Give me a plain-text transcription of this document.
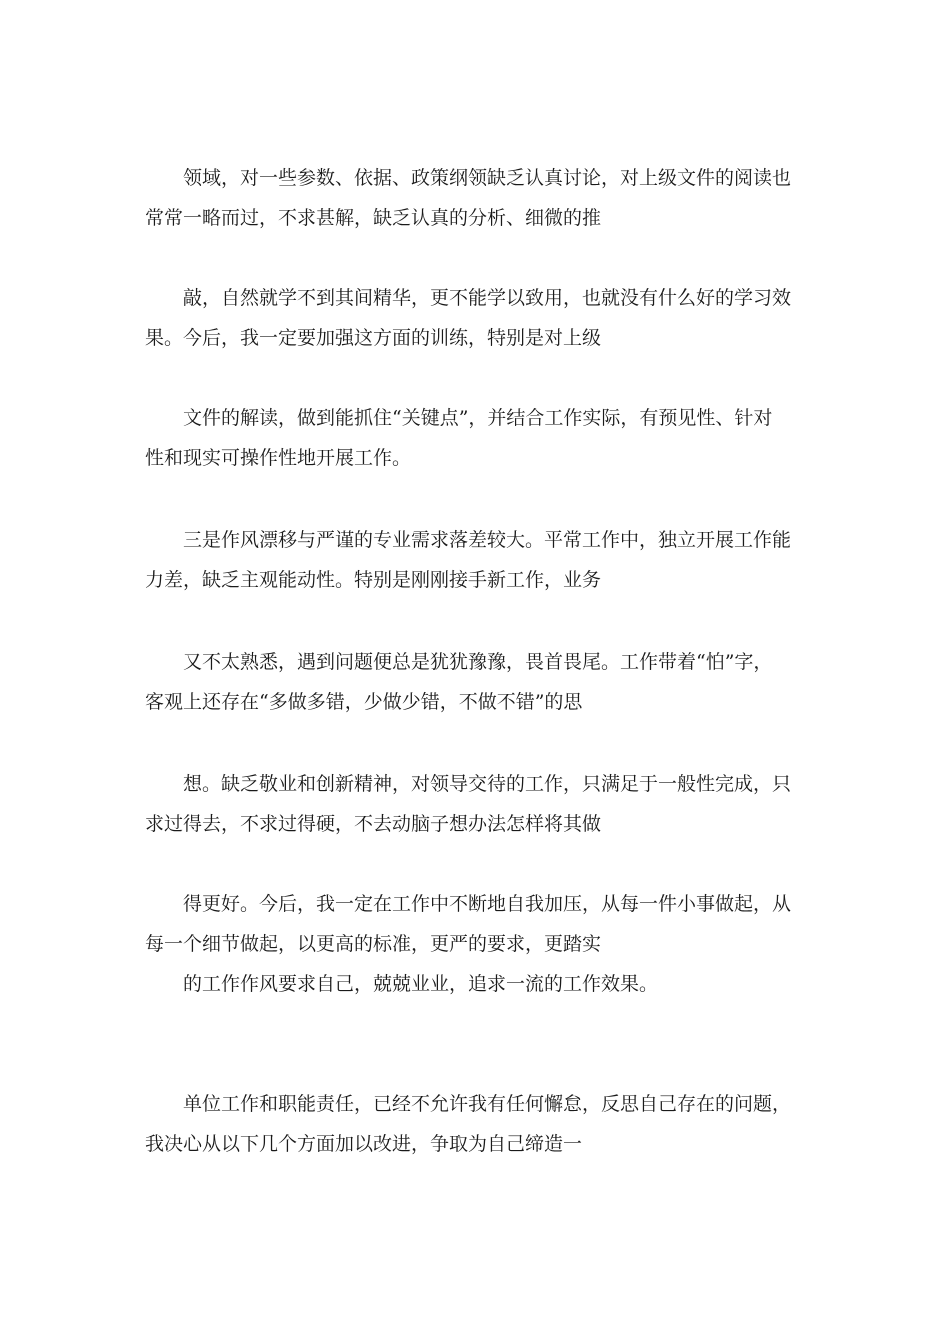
领域，对一些参数、依据、政策纲领缺乏认真讨论，对上级文件的阅读也
常常一略而过，不求甚解，缺乏认真的分析、细微的推

敲，自然就学不到其间精华，更不能学以致用，也就没有什么好的学习效
果。今后，我一定要加强这方面的训练，特别是对上级

文件的解读，做到能抓住“关键点”，并结合工作实际，有预见性、针对
性和现实可操作性地开展工作。

三是作风漂移与严谨的专业需求落差较大。平常工作中，独立开展工作能
力差，缺乏主观能动性。特别是刚刚接手新工作，业务

又不太熟悉，遇到问题便总是犹犹豫豫，畏首畏尾。工作带着“怕”字，
客观上还存在“多做多错，少做少错，不做不错”的思

想。缺乏敬业和创新精神，对领导交待的工作，只满足于一般性完成，只
求过得去，不求过得硬，不去动脑子想办法怎样将其做

得更好。今后，我一定在工作中不断地自我加压，从每一件小事做起，从
每一个细节做起，以更高的标准，更严的要求，更踏实

的工作作风要求自己，兢兢业业，追求一流的工作效果。

单位工作和职能责任，已经不允许我有任何懈怠，反思自己存在的问题，
我决心从以下几个方面加以改进，争取为自己缔造一
